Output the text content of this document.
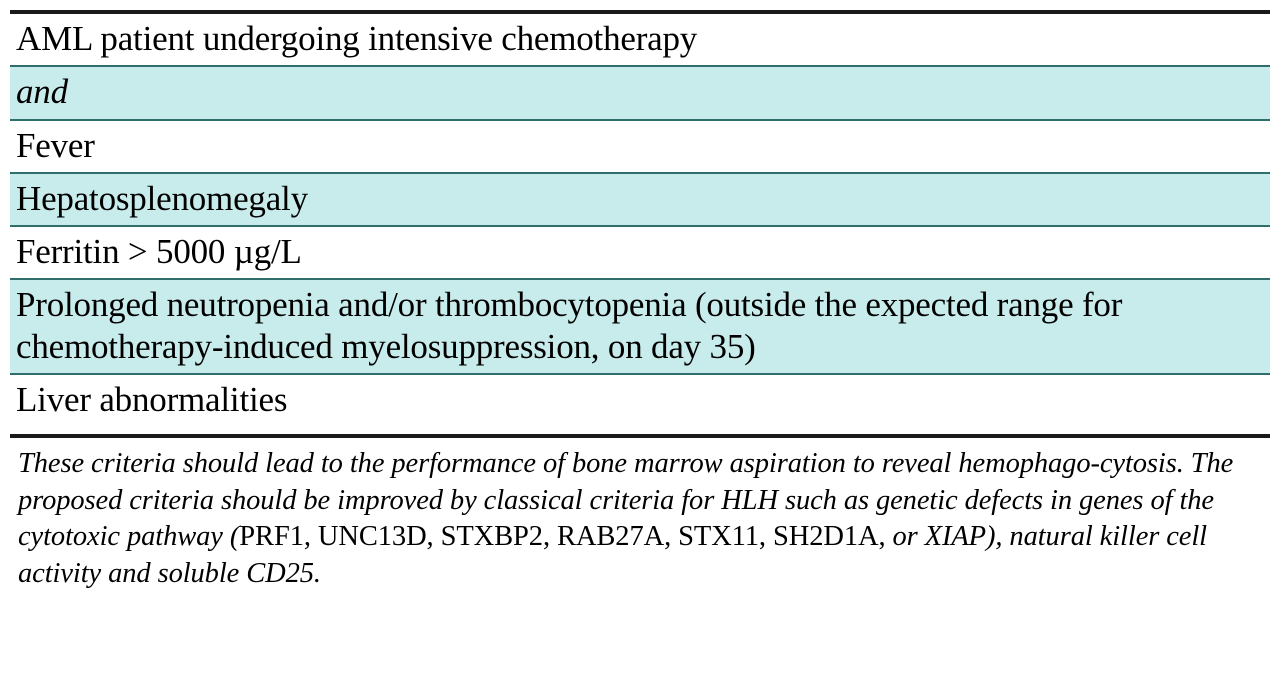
AML patient undergoing intensive chemotherapy
and
Fever
Hepatosplenomegaly
Ferritin > 5000 µg/L
Prolonged neutropenia and/or thrombocytopenia (outside the expected range for chemotherapy-induced myelosuppression, on day 35)
Liver abnormalities
These criteria should lead to the performance of bone marrow aspiration to reveal hemophago-cytosis. The proposed criteria should be improved by classical criteria for HLH such as genetic defects in genes of the cytotoxic pathway (PRF1, UNC13D, STXBP2, RAB27A, STX11, SH2D1A, or XIAP), natural killer cell activity and soluble CD25.
